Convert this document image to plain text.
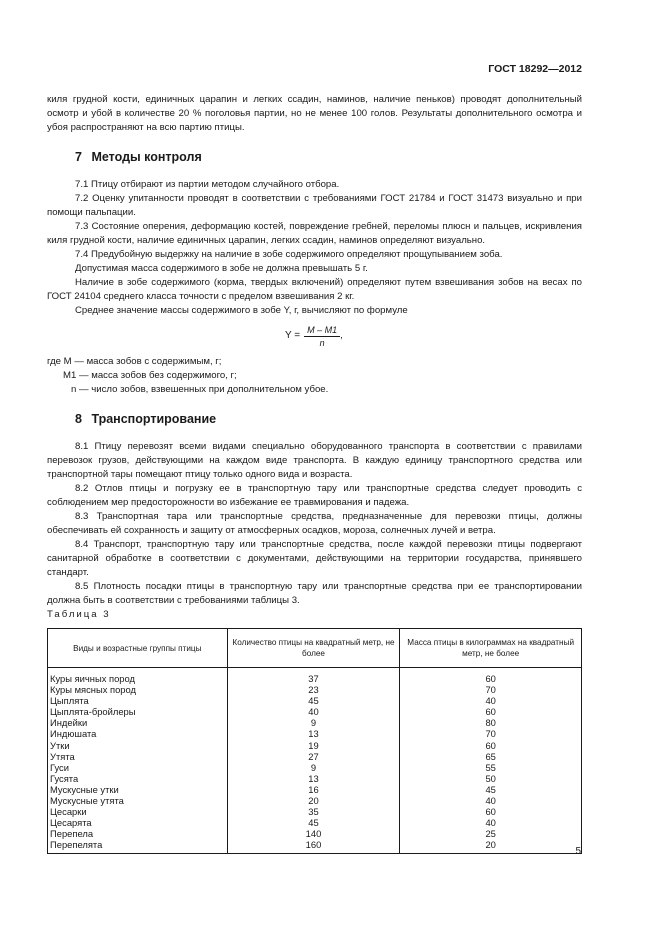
ГОСТ 18292—2012

киля грудной кости, единичных царапин и легких ссадин, наминов, наличие пеньков) проводят дополнительный осмотр и убой в количестве 20 % поголовья партии, но не менее 100 голов. Результаты дополнительного осмотра и убоя распространяют на всю партию птицы.

7 Методы контроля

7.1 Птицу отбирают из партии методом случайного отбора.

7.2 Оценку упитанности проводят в соответствии с требованиями ГОСТ 21784 и ГОСТ 31473 визуально и при помощи пальпации.

7.3 Состояние оперения, деформацию костей, повреждение гребней, переломы плюсн и пальцев, искривления киля грудной кости, наличие единичных царапин, легких ссадин, наминов определяют визуально.

7.4 Предубойную выдержку на наличие в зобе содержимого определяют прощупыванием зоба.

Допустимая масса содержимого в зобе не должна превышать 5 г.

Наличие в зобе содержимого (корма, твердых включений) определяют путем взвешивания зобов на весах по ГОСТ 24104 среднего класса точности с пределом взвешивания 2 кг.

Среднее значение массы содержимого в зобе Y, г, вычисляют по формуле

$Y = \frac{M - M1}{n}$ ,
где M — масса зобов с содержимым, г;
M1 — масса зобов без содержимого, г;
n — число зобов, взвешенных при дополнительном убое.
8 Транспортирование

8.1 Птицу перевозят всеми видами специально оборудованного транспорта в соответствии с правилами перевозок грузов, действующими на каждом виде транспорта. В каждую единицу транспортного средства или транспортной тары помещают птицу только одного вида и возраста.

8.2 Отлов птицы и погрузку ее в транспортную тару или транспортные средства следует проводить с соблюдением мер предосторожности во избежание ее травмирования и падежа.

8.3 Транспортная тара или транспортные средства, предназначенные для перевозки птицы, должны обеспечивать ей сохранность и защиту от атмосферных осадков, мороза, солнечных лучей и ветра.

8.4 Транспорт, транспортную тару или транспортные средства, после каждой перевозки птицы подвергают санитарной обработке в соответствии с документами, действующими на территории государства, принявшего стандарт.

8.5 Плотность посадки птицы в транспортную тару или транспортные средства при ее транспортировании должна быть в соответствии с требованиями таблицы 3.

Таблица 3
Виды и возрастные группы птицы	Количество птицы на квадратный метр, не более	Масса птицы в килограммах на квадратный метр, не более
Куры яичных пород	37	60
Куры мясных пород	23	70
Цыплята	45	40
Цыплята-бройлеры	40	60
Индейки	9	80
Индюшата	13	70
Утки	19	60
Утята	27	65
Гуси	9	55
Гусята	13	50
Мускусные утки	16	45
Мускусные утята	20	40
Цесарки	35	60
Цесарята	45	40
Перепела	140	25
Перепелята	160	20
5
